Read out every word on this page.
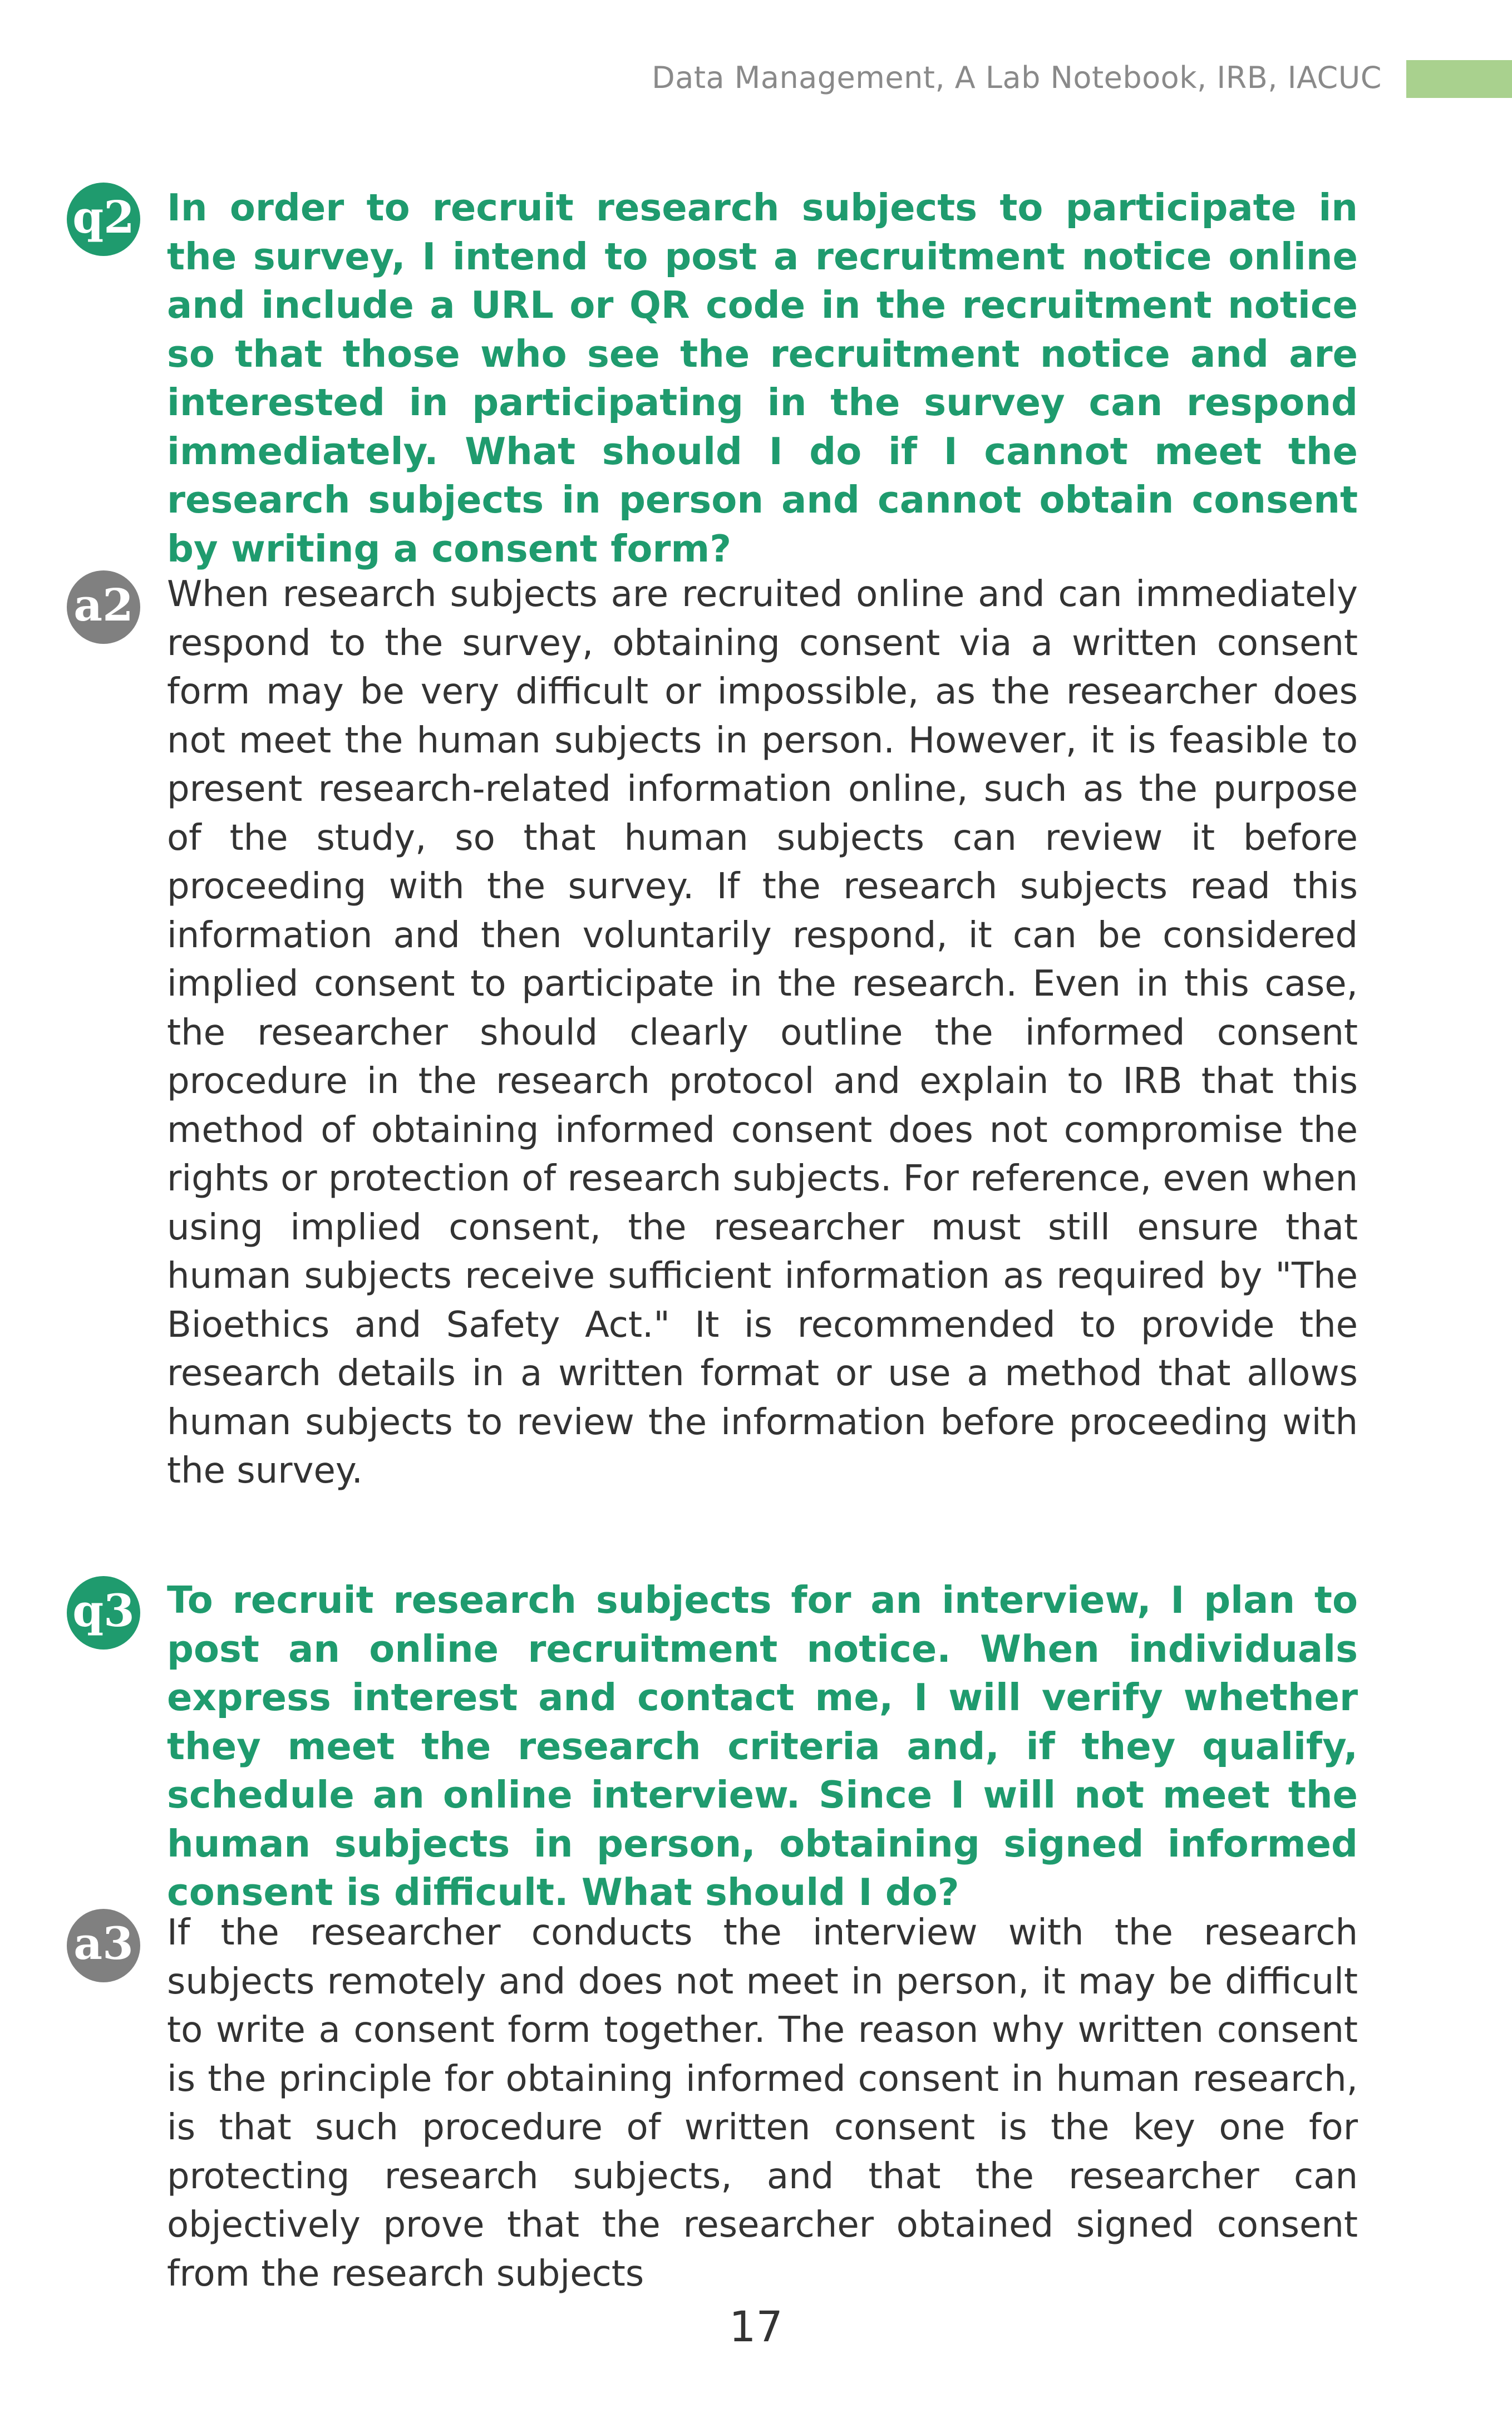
Data Management, A Lab Notebook, IRB, IACUC
q2 In order to recruit research subjects to participate in the survey, I intend to post a recruitment notice online and include a URL or QR code in the recruitment notice so that those who see the recruitment notice and are interested in participating in the survey can respond immediately. What should I do if I cannot meet the research subjects in person and cannot obtain consent by writing a consent form?

a2 When research subjects are recruited online and can immediately respond to the survey, obtaining consent via a written consent form may be very difficult or impossible, as the researcher does not meet the human subjects in person. However, it is feasible to present research-related information online, such as the purpose of the study, so that human subjects can review it before proceeding with the survey. If the research subjects read this information and then voluntarily respond, it can be considered implied consent to participate in the research. Even in this case, the researcher should clearly outline the informed consent procedure in the research protocol and explain to IRB that this method of obtaining informed consent does not compromise the rights or protection of research subjects. For reference, even when using implied consent, the researcher must still ensure that human subjects receive sufficient information as required by "The Bioethics and Safety Act." It is recommended to provide the research details in a written format or use a method that allows human subjects to review the information before proceeding with the survey.

q3 To recruit research subjects for an interview, I plan to post an online recruitment notice. When individuals express interest and contact me, I will verify whether they meet the research criteria and, if they qualify, schedule an online interview. Since I will not meet the human subjects in person, obtaining signed informed consent is difficult. What should I do?

a3 If the researcher conducts the interview with the research subjects remotely and does not meet in person, it may be difficult to write a consent form together. The reason why written consent is the principle for obtaining informed consent in human research, is that such procedure of written consent is the key one for protecting research subjects, and that the researcher can objectively prove that the researcher obtained signed consent from the research subjects

17
